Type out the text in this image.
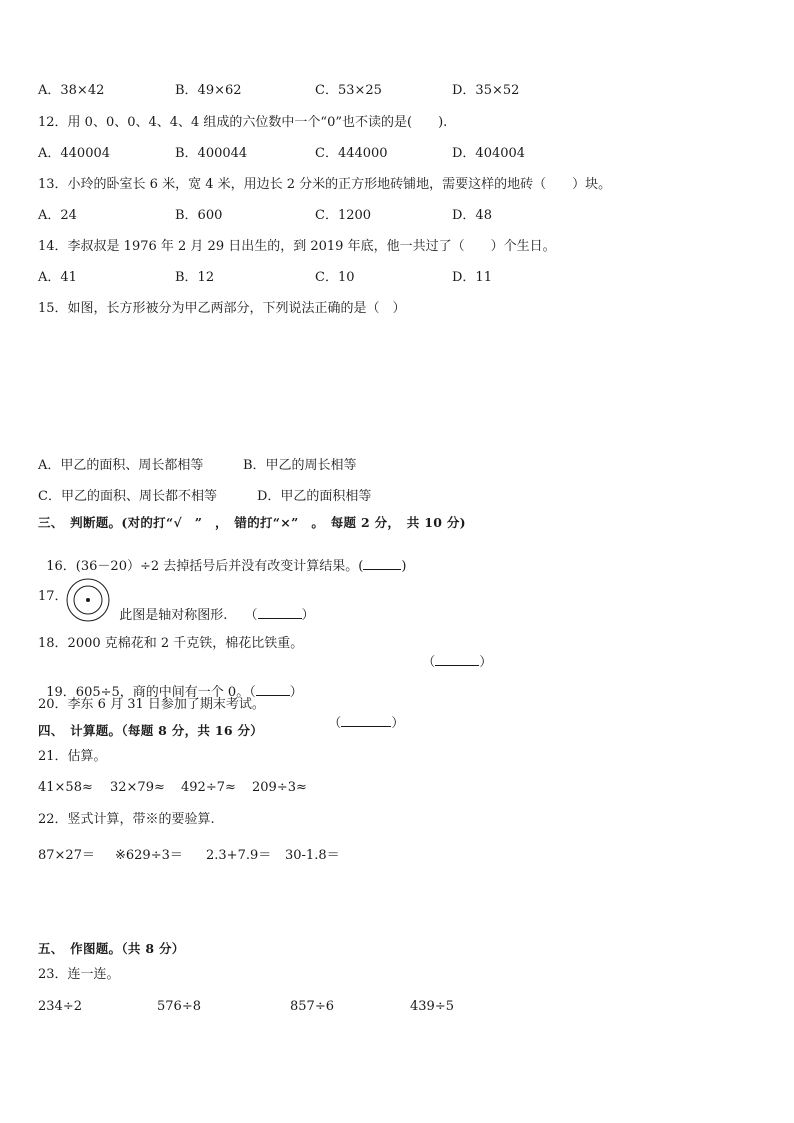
A．38×42	B．49×62	C．53×25	D．35×52
12．用 0、0、0、4、4、4 组成的六位数中一个“0”也不读的是(　　).
A．440004	B．400044	C．444000	D．404004
13．小玲的卧室长 6 米，宽 4 米，用边长 2 分米的正方形地砖铺地，需要这样的地砖（　　）块。
A．24	B．600	C．1200	D．48
14．李叔叔是 1976 年 2 月 29 日出生的，到 2019 年底，他一共过了（　　）个生日。
A．41	B．12	C．10	D．11
15．如图，长方形被分为甲乙两部分，下列说法正确的是（　）
A．甲乙的面积、周长都相等	B．甲乙的周长相等
C．甲乙的面积、周长都不相等	D．甲乙的面积相等
三、　判断题。(对的打“√　”　，　错的打“×”　。　每题 2 分，　共 10 分)

16．(36－20）÷2 去掉括号后并没有改变计算结果。(	)

17．

此图是轴对称图形.　 （	）

18．2000 克棉花和 2 千克铁，棉花比铁重。

（	）

19．605÷5，商的中间有一个 0。（	）

20．李东 6 月 31 日参加了期末考试。

（	）

四、　计算题。（每题 8 分，共 16 分）
21．估算。
41×58≈ 32×79≈ 492÷7≈ 209÷3≈
22．竖式计算，带※的要验算.
87×27＝ ※629÷3＝ 2.3+7.9＝ 30-1.8＝
五、　作图题。（共 8 分）
23．连一连。
234÷2	576÷8	857÷6	439÷5
